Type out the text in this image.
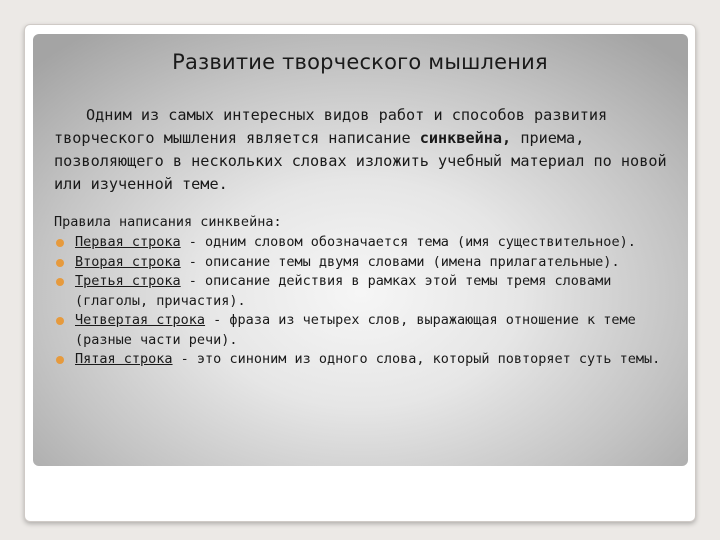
Развитие творческого мышления

Одним из самых интересных видов работ и способов развития творческого мышления является написание синквейна, приема, позволяющего в нескольких словах изложить учебный материал по новой или изученной теме.

Правила написания синквейна:
Первая строка - одним словом обозначается тема (имя существительное).
Вторая строка - описание темы двумя словами (имена прилагательные).
Третья строка - описание действия в рамках этой темы тремя словами (глаголы, причастия).
Четвертая строка - фраза из четырех слов, выражающая отношение к теме (разные части речи).
Пятая строка - это синоним из одного слова, который повторяет суть темы.
